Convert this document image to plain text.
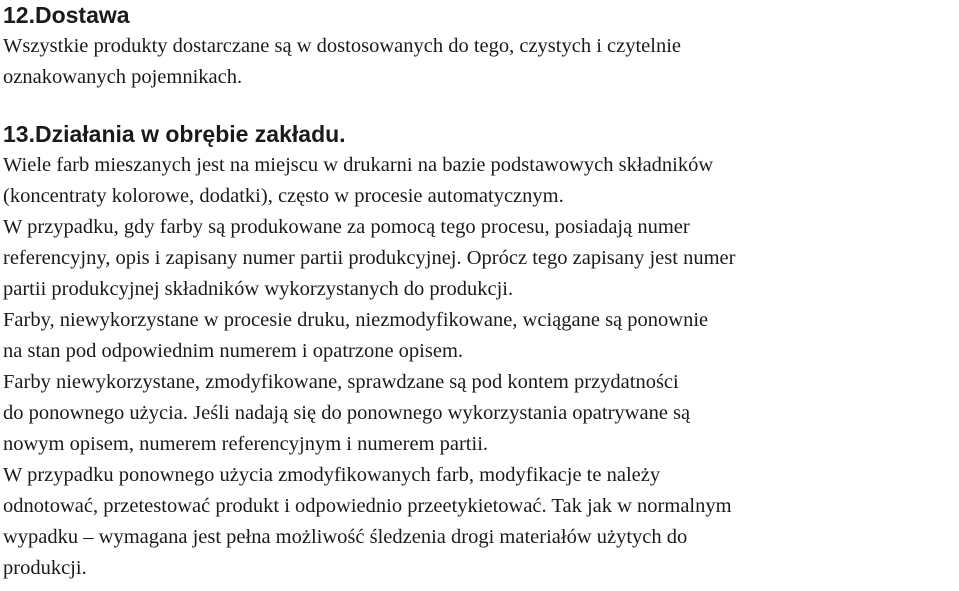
12.Dostawa

Wszystkie produkty dostarczane są w dostosowanych do tego, czystych i czytelnie
oznakowanych pojemnikach.

13.Działania w obrębie zakładu.

Wiele farb mieszanych jest na miejscu w drukarni na bazie podstawowych składników
(koncentraty kolorowe, dodatki), często w procesie automatycznym.
W przypadku, gdy farby są produkowane za pomocą tego procesu, posiadają numer
referencyjny, opis i zapisany numer partii produkcyjnej. Oprócz tego zapisany jest numer
partii produkcyjnej składników wykorzystanych do produkcji.
Farby, niewykorzystane w procesie druku, niezmodyfikowane, wciągane są ponownie
na stan pod odpowiednim numerem i opatrzone opisem.
Farby niewykorzystane, zmodyfikowane, sprawdzane są pod kontem przydatności
do ponownego użycia. Jeśli nadają się do ponownego wykorzystania opatrywane są
nowym opisem, numerem referencyjnym i numerem partii.
W przypadku ponownego użycia zmodyfikowanych farb, modyfikacje te należy
odnotować, przetestować produkt i odpowiednio przeetykietować. Tak jak w normalnym
wypadku – wymagana jest pełna możliwość śledzenia drogi materiałów użytych do
produkcji.
